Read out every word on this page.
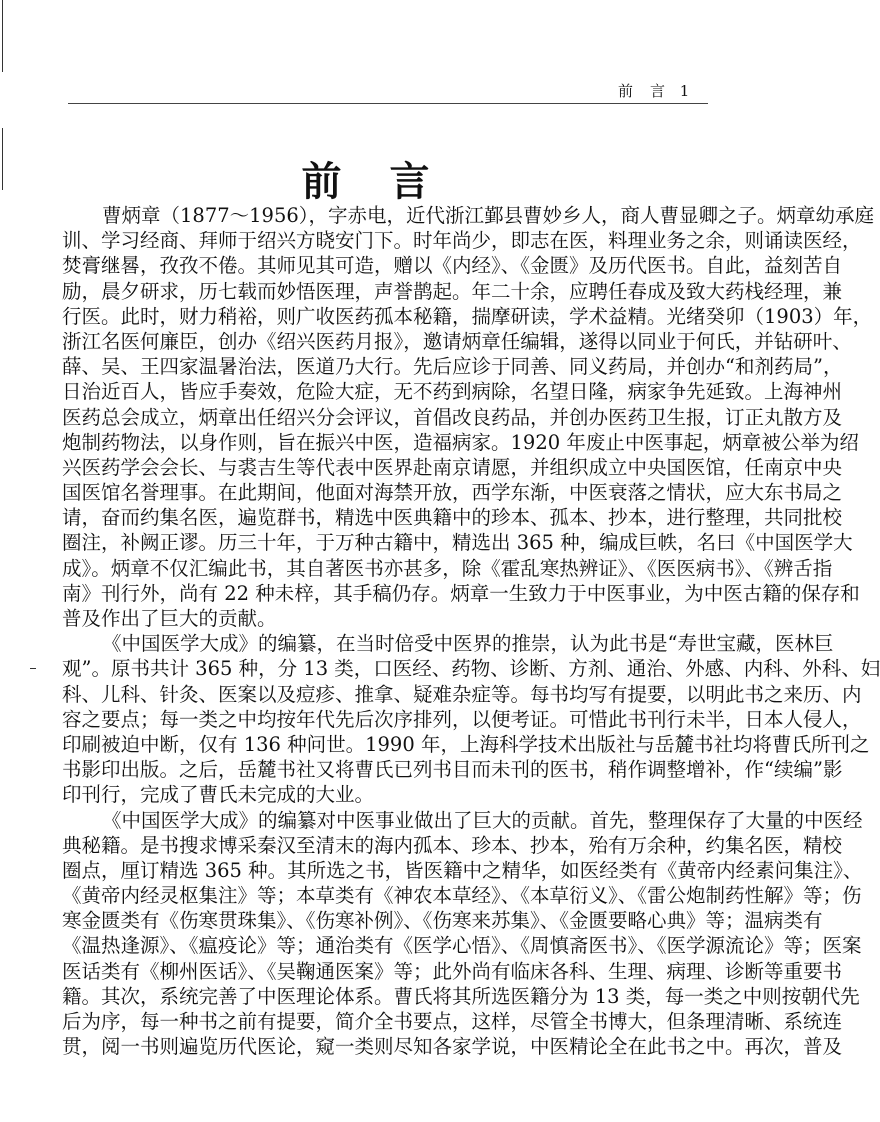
前　言 1
前言
曹炳章（1877～1956），字赤电，近代浙江鄞县曹妙乡人，商人曹显卿之子。炳章幼承庭
训、学习经商、拜师于绍兴方晓安门下。时年尚少，即志在医，料理业务之余，则诵读医经，
焚膏继晷，孜孜不倦。其师见其可造，赠以《内经》、《金匮》及历代医书。自此，益刻苦自
励，晨夕研求，历七载而妙悟医理，声誉鹊起。年二十余，应聘任春成及致大药栈经理，兼
行医。此时，财力稍裕，则广收医药孤本秘籍，揣摩研读，学术益精。光绪癸卯（1903）年，
浙江名医何廉臣，创办《绍兴医药月报》，邀请炳章任编辑，遂得以同业于何氏，并钻研叶、
薛、吴、王四家温暑治法，医道乃大行。先后应诊于同善、同义药局，并创办“和剂药局”，
日治近百人，皆应手奏效，危险大症，无不药到病除，名望日隆，病家争先延致。上海神州
医药总会成立，炳章出任绍兴分会评议，首倡改良药品，并创办医药卫生报，订正丸散方及
炮制药物法，以身作则，旨在振兴中医，造福病家。1920 年废止中医事起，炳章被公举为绍
兴医药学会会长、与裘吉生等代表中医界赴南京请愿，并组织成立中央国医馆，任南京中央
国医馆名誉理事。在此期间，他面对海禁开放，西学东渐，中医衰落之情状，应大东书局之
请，奋而约集名医，遍览群书，精选中医典籍中的珍本、孤本、抄本，进行整理，共同批校
圈注，补阙正谬。历三十年，于万种古籍中，精选出 365 种，编成巨帙，名曰《中国医学大
成》。炳章不仅汇编此书，其自著医书亦甚多，除《霍乱寒热辨证》、《医医病书》、《辨舌指
南》刊行外，尚有 22 种未梓，其手稿仍存。炳章一生致力于中医事业，为中医古籍的保存和
普及作出了巨大的贡献。
《中国医学大成》的编纂，在当时倍受中医界的推崇，认为此书是“寿世宝藏，医林巨
观”。原书共计 365 种，分 13 类，口医经、药物、诊断、方剂、通治、外感、内科、外科、妇
科、儿科、针灸、医案以及痘疹、推拿、疑难杂症等。每书均写有提要，以明此书之来历、内
容之要点；每一类之中均按年代先后次序排列，以便考证。可惜此书刊行未半，日本人侵人，
印刷被迫中断，仅有 136 种问世。1990 年，上海科学技术出版社与岳麓书社均将曹氏所刊之
书影印出版。之后，岳麓书社又将曹氏已列书目而未刊的医书，稍作调整增补，作“续编”影
印刊行，完成了曹氏未完成的大业。
《中国医学大成》的编纂对中医事业做出了巨大的贡献。首先，整理保存了大量的中医经
典秘籍。是书搜求博采秦汉至清末的海内孤本、珍本、抄本，殆有万余种，约集名医，精校
圈点，厘订精选 365 种。其所选之书，皆医籍中之精华，如医经类有《黄帝内经素问集注》、
《黄帝内经灵枢集注》等；本草类有《神农本草经》、《本草衍义》、《雷公炮制药性解》等；伤
寒金匮类有《伤寒贯珠集》、《伤寒补例》、《伤寒来苏集》、《金匮要略心典》等；温病类有
《温热逢源》、《瘟疫论》等；通治类有《医学心悟》、《周慎斋医书》、《医学源流论》等；医案
医话类有《柳州医话》、《吴鞠通医案》等；此外尚有临床各科、生理、病理、诊断等重要书
籍。其次，系统完善了中医理论体系。曹氏将其所选医籍分为 13 类，每一类之中则按朝代先
后为序，每一种书之前有提要，简介全书要点，这样，尽管全书博大，但条理清晰、系统连
贯，阅一书则遍览历代医论，窥一类则尽知各家学说，中医精论全在此书之中。再次，普及
